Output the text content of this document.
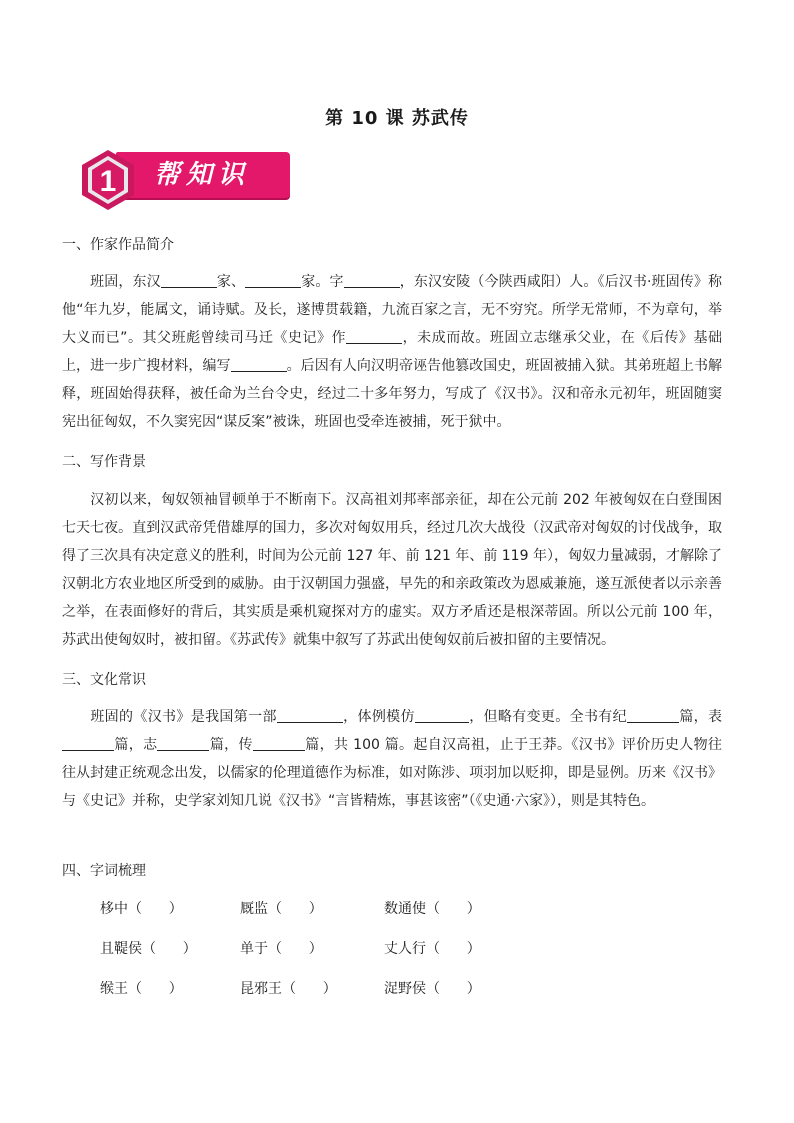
第 10 课 苏武传
帮知识
1
一、作家作品简介
班固，东汉	家、	家。字	，东汉安陵（今陕西咸阳）人。《后汉书·班固传》称他“年九岁，能属文，诵诗赋。及长，遂博贯载籍，九流百家之言，无不穷究。所学无常师，不为章句，举大义而已”。其父班彪曾续司马迁《史记》作	，未成而故。班固立志继承父业，在《后传》基础上，进一步广搜材料，编写	。后因有人向汉明帝诬告他篡改国史，班固被捕入狱。其弟班超上书解释，班固始得获释，被任命为兰台令史，经过二十多年努力，写成了《汉书》。汉和帝永元初年，班固随窦宪出征匈奴，不久窦宪因“谋反案”被诛，班固也受牵连被捕，死于狱中。
二、写作背景
汉初以来，匈奴领袖冒顿单于不断南下。汉高祖刘邦率部亲征，却在公元前 202 年被匈奴在白登围困七天七夜。直到汉武帝凭借雄厚的国力，多次对匈奴用兵，经过几次大战役（汉武帝对匈奴的讨伐战争，取得了三次具有决定意义的胜利，时间为公元前 127 年、前 121 年、前 119 年），匈奴力量减弱，才解除了汉朝北方农业地区所受到的威胁。由于汉朝国力强盛，早先的和亲政策改为恩威兼施，遂互派使者以示亲善之举，在表面修好的背后，其实质是乘机窥探对方的虚实。双方矛盾还是根深蒂固。所以公元前 100 年，苏武出使匈奴时，被扣留。《苏武传》就集中叙写了苏武出使匈奴前后被扣留的主要情况。
三、文化常识
班固的《汉书》是我国第一部	，体例模仿	，但略有变更。全书有纪	篇，表篇，志	篇，传	篇，共 100 篇。起自汉高祖，止于王莽。《汉书》评价历史人物往往从封建正统观念出发，以儒家的伦理道德作为标准，如对陈涉、项羽加以贬抑，即是显例。历来《汉书》与《史记》并称，史学家刘知几说《汉书》“言皆精炼，事甚该密”（《史通·六家》），则是其特色。
四、字词梳理
栘中（      ）	厩监（      ）	数通使（      ）
且鞮侯（      ）	单于（      ）	丈人行（      ）
缑王（      ）	昆邪王（      ）	浞野侯（      ）
